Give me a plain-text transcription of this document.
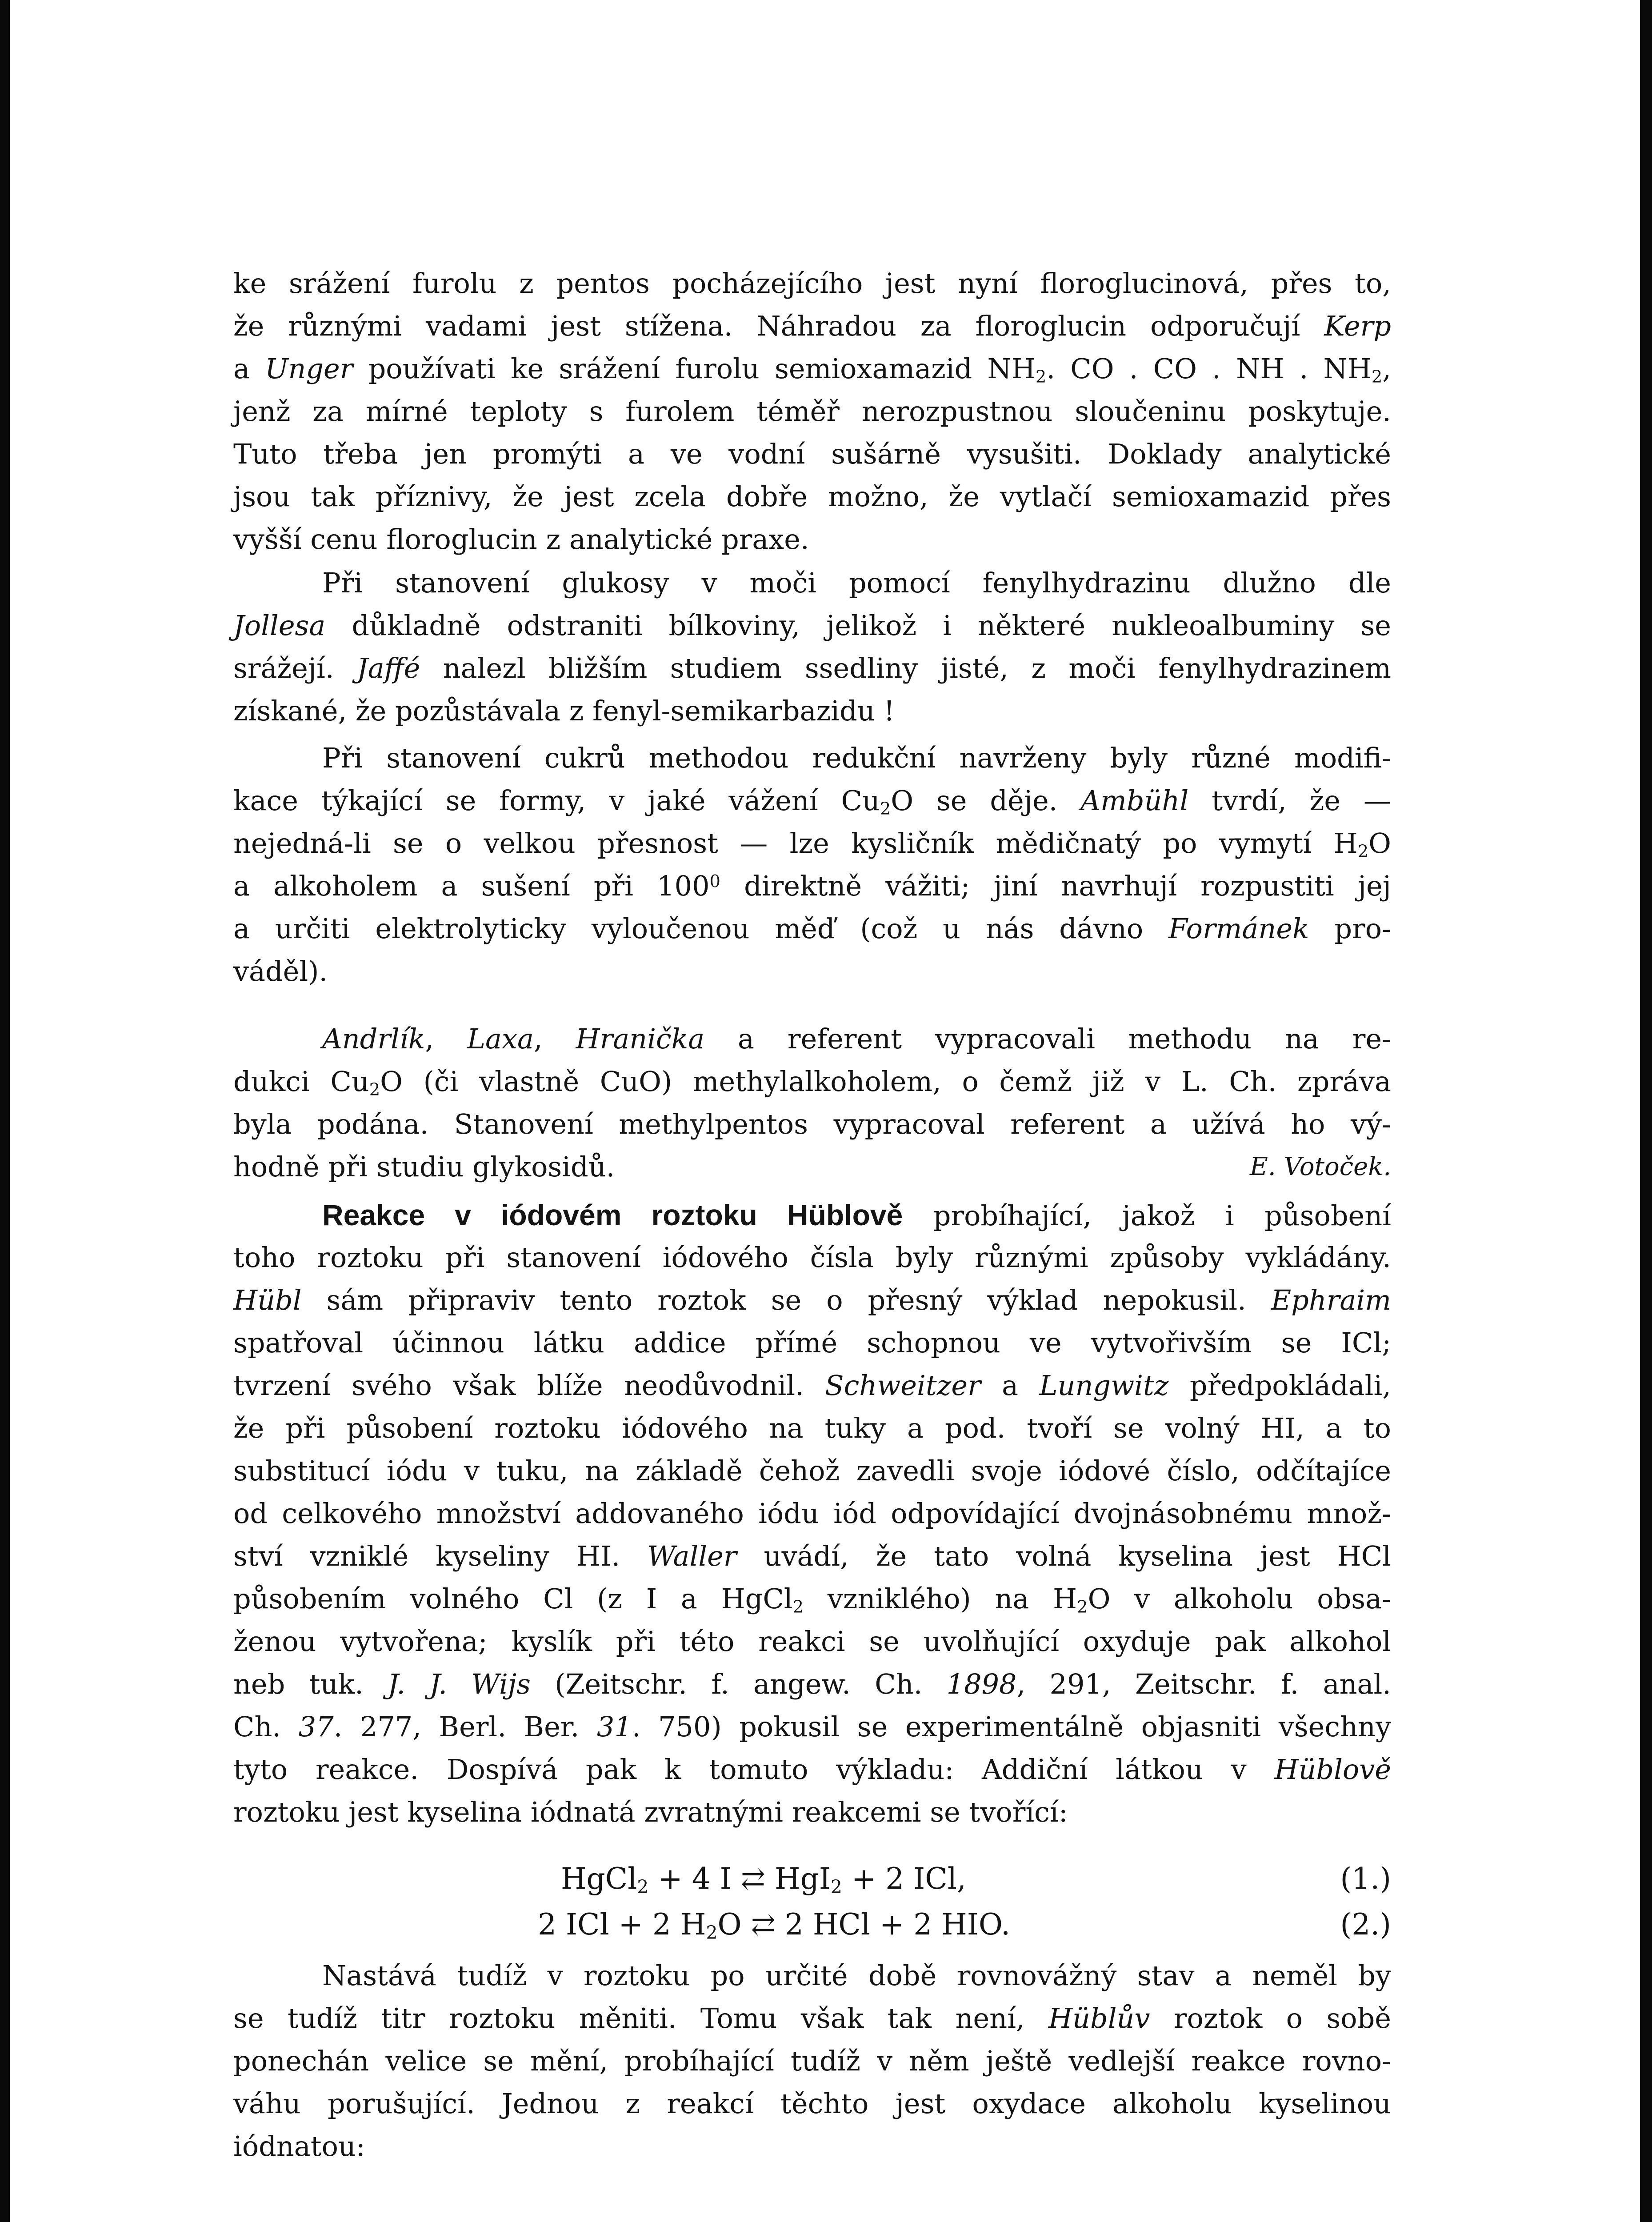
ke srážení furolu z pentos pocházejícího jest nyní floroglucinová, přes to,
že různými vadami jest stížena. Náhradou za floroglucin odporučují Kerp
a Unger používati ke srážení furolu semioxamazid $NH_2$. CO . CO . NH . $NH_2$,
jenž za mírné teploty s furolem téměř nerozpustnou sloučeninu poskytuje.
Tuto třeba jen promýti a ve vodní sušárně vysušiti. Doklady analytické
jsou tak příznivy, že jest zcela dobře možno, že vytlačí semioxamazid přes
vyšší cenu floroglucin z analytické praxe.
Při stanovení glukosy v moči pomocí fenylhydrazinu dlužno dle
Jollesa důkladně odstraniti bílkoviny, jelikož i některé nukleoalbuminy se
srážejí. Jaffé nalezl bližším studiem ssedliny jisté, z moči fenylhydrazinem
získané, že pozůstávala z fenyl-semikarbazidu !
Při stanovení cukrů methodou redukční navrženy byly různé modifi-
kace týkající se formy, v jaké vážení $Cu_2O$ se děje. Ambühl tvrdí, že —
nejedná-li se o velkou přesnost — lze kysličník mědičnatý po vymytí $H_2O$
a alkoholem a sušení při $100^0$ direktně vážiti; jiní navrhují rozpustiti jej
a určiti elektrolyticky vyloučenou měď (což u nás dávno Formánek pro-
váděl).
Andrlík, Laxa, Hranička a referent vypracovali methodu na re-
dukci $Cu_2O$ (či vlastně CuO) methylalkoholem, o čemž již v L. Ch. zpráva
byla podána. Stanovení methylpentos vypracoval referent a užívá ho vý-
hodně při studiu glykosidů.	E. Votoček.
Reakce v iódovém roztoku Hüblově probíhající, jakož i působení
toho roztoku při stanovení iódového čísla byly různými způsoby vykládány.
Hübl sám připraviv tento roztok se o přesný výklad nepokusil. Ephraim
spatřoval účinnou látku addice přímé schopnou ve vytvořivším se ICl;
tvrzení svého však blíže neodůvodnil. Schweitzer a Lungwitz předpokládali,
že při působení roztoku iódového na tuky a pod. tvoří se volný HI, a to
substitucí iódu v tuku, na základě čehož zavedli svoje iódové číslo, odčítajíce
od celkového množství addovaného iódu iód odpovídající dvojnásobnému množ-
ství vzniklé kyseliny HI. Waller uvádí, že tato volná kyselina jest HCl
působením volného Cl (z I a HgCl$_2$ vzniklého) na $H_2O$ v alkoholu obsa-
ženou vytvořena; kyslík při této reakci se uvolňující oxyduje pak alkohol
neb tuk. J. J. Wijs (Zeitschr. f. angew. Ch. 1898, 291, Zeitschr. f. anal.
Ch. 37. 277, Berl. Ber. 31. 750) pokusil se experimentálně objasniti všechny
tyto reakce. Dospívá pak k tomuto výkladu: Addiční látkou v Hüblově
roztoku jest kyselina iódnatá zvratnými reakcemi se tvořící:
HgCl$_2$ + 4 I ⇄ HgI$_2$ + 2 ICl,	(1.)
2 ICl + 2 $H_2O$ ⇄ 2 HCl + 2 HIO.	(2.)
Nastává tudíž v roztoku po určité době rovnovážný stav a neměl by
se tudíž titr roztoku měniti. Tomu však tak není, Hüblův roztok o sobě
ponechán velice se mění, probíhající tudíž v něm ještě vedlejší reakce rovno-
váhu porušující. Jednou z reakcí těchto jest oxydace alkoholu kyselinou
iódnatou:
